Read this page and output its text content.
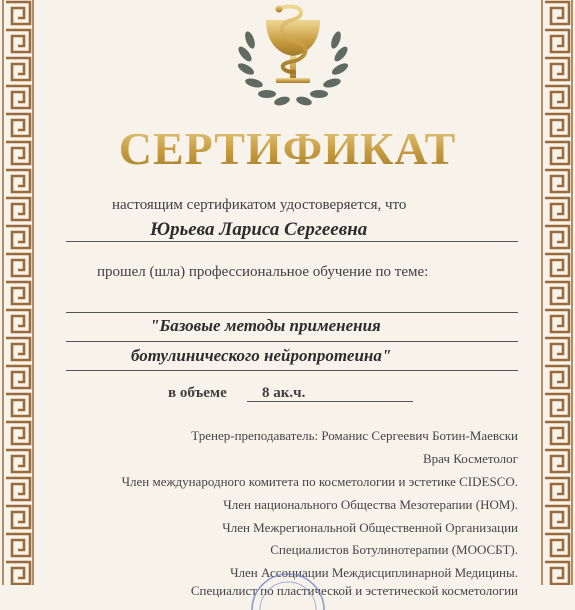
СЕРТИФИКАТ
настоящим сертификатом удостоверяется, что
Юрьева Лариса Сергеевна
прошел (шла) профессиональное обучение по теме:
"Базовые методы применения
ботулинического нейропротеина"
в объеме 8 ак.ч.
Тренер-преподаватель: Романис Сергеевич Ботин-Маевски
Врач Косметолог
Член международного комитета по косметологии и эстетике CIDESCO.
Член национального Общества Мезотерапии (НОМ).
Член Межрегиональной Общественной Организации
Специалистов Ботулинотерапии (МООСБТ).
Член Ассоциации Междисциплинарной Медицины.
Специалист по пластической и эстетической косметологии
